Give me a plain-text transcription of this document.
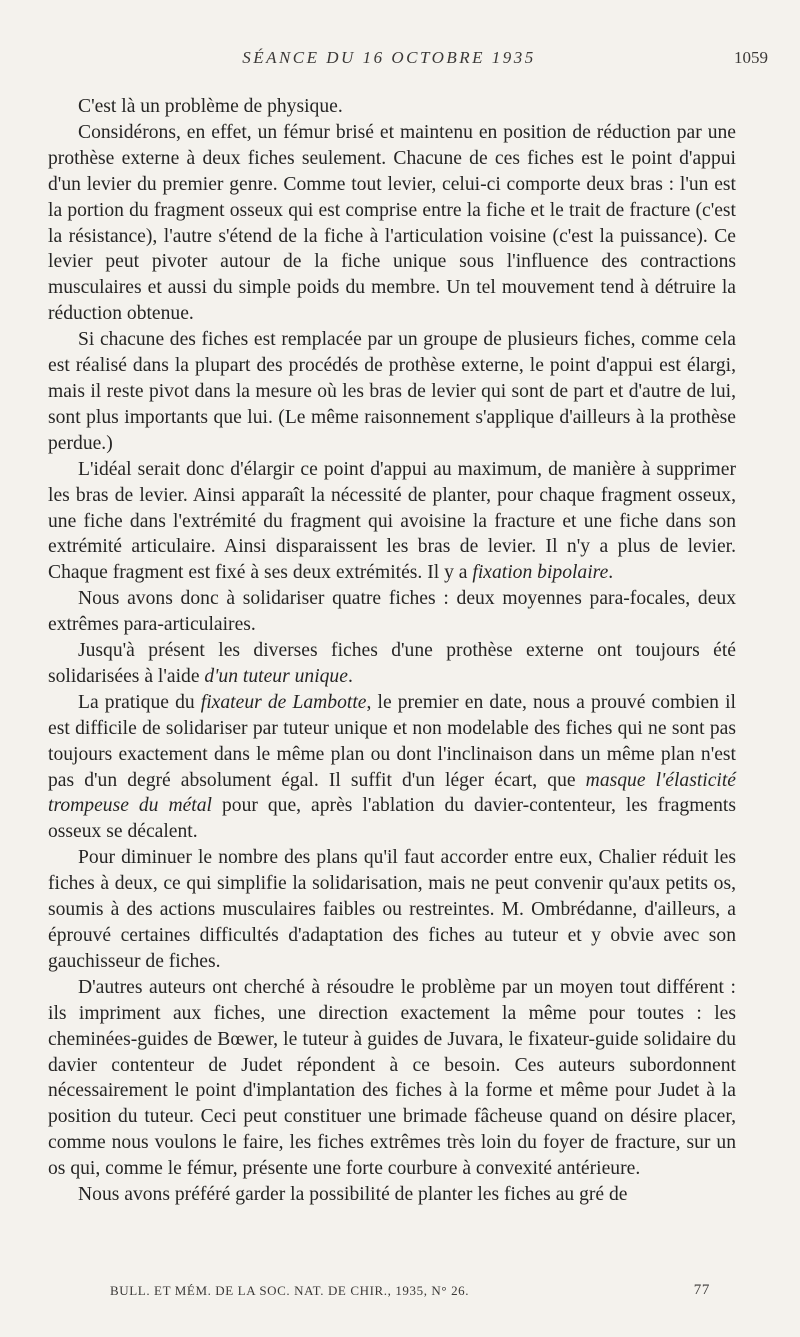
SÉANCE DU 16 OCTOBRE 1935	1059

C'est là un problème de physique.

Considérons, en effet, un fémur brisé et maintenu en position de réduction par une prothèse externe à deux fiches seulement. Chacune de ces fiches est le point d'appui d'un levier du premier genre. Comme tout levier, celui-ci comporte deux bras : l'un est la portion du fragment osseux qui est comprise entre la fiche et le trait de fracture (c'est la résistance), l'autre s'étend de la fiche à l'articulation voisine (c'est la puissance). Ce levier peut pivoter autour de la fiche unique sous l'influence des contractions musculaires et aussi du simple poids du membre. Un tel mouvement tend à détruire la réduction obtenue.

Si chacune des fiches est remplacée par un groupe de plusieurs fiches, comme cela est réalisé dans la plupart des procédés de prothèse externe, le point d'appui est élargi, mais il reste pivot dans la mesure où les bras de levier qui sont de part et d'autre de lui, sont plus importants que lui. (Le même raisonnement s'applique d'ailleurs à la prothèse perdue.)

L'idéal serait donc d'élargir ce point d'appui au maximum, de manière à supprimer les bras de levier. Ainsi apparaît la nécessité de planter, pour chaque fragment osseux, une fiche dans l'extrémité du fragment qui avoisine la fracture et une fiche dans son extrémité articulaire. Ainsi disparaissent les bras de levier. Il n'y a plus de levier. Chaque fragment est fixé à ses deux extrémités. Il y a fixation bipolaire.

Nous avons donc à solidariser quatre fiches : deux moyennes para-focales, deux extrêmes para-articulaires.

Jusqu'à présent les diverses fiches d'une prothèse externe ont toujours été solidarisées à l'aide d'un tuteur unique.

La pratique du fixateur de Lambotte, le premier en date, nous a prouvé combien il est difficile de solidariser par tuteur unique et non modelable des fiches qui ne sont pas toujours exactement dans le même plan ou dont l'inclinaison dans un même plan n'est pas d'un degré absolument égal. Il suffit d'un léger écart, que masque l'élasticité trompeuse du métal pour que, après l'ablation du davier-contenteur, les fragments osseux se décalent.

Pour diminuer le nombre des plans qu'il faut accorder entre eux, Chalier réduit les fiches à deux, ce qui simplifie la solidarisation, mais ne peut convenir qu'aux petits os, soumis à des actions musculaires faibles ou restreintes. M. Ombrédanne, d'ailleurs, a éprouvé certaines difficultés d'adaptation des fiches au tuteur et y obvie avec son gauchisseur de fiches.

D'autres auteurs ont cherché à résoudre le problème par un moyen tout différent : ils impriment aux fiches, une direction exactement la même pour toutes : les cheminées-guides de Bœwer, le tuteur à guides de Juvara, le fixateur-guide solidaire du davier contenteur de Judet répondent à ce besoin. Ces auteurs subordonnent nécessairement le point d'implantation des fiches à la forme et même pour Judet à la position du tuteur. Ceci peut constituer une brimade fâcheuse quand on désire placer, comme nous voulons le faire, les fiches extrêmes très loin du foyer de fracture, sur un os qui, comme le fémur, présente une forte courbure à convexité antérieure.

Nous avons préféré garder la possibilité de planter les fiches au gré de

BULL. ET MÉM. DE LA SOC. NAT. DE CHIR., 1935, N° 26.	77
